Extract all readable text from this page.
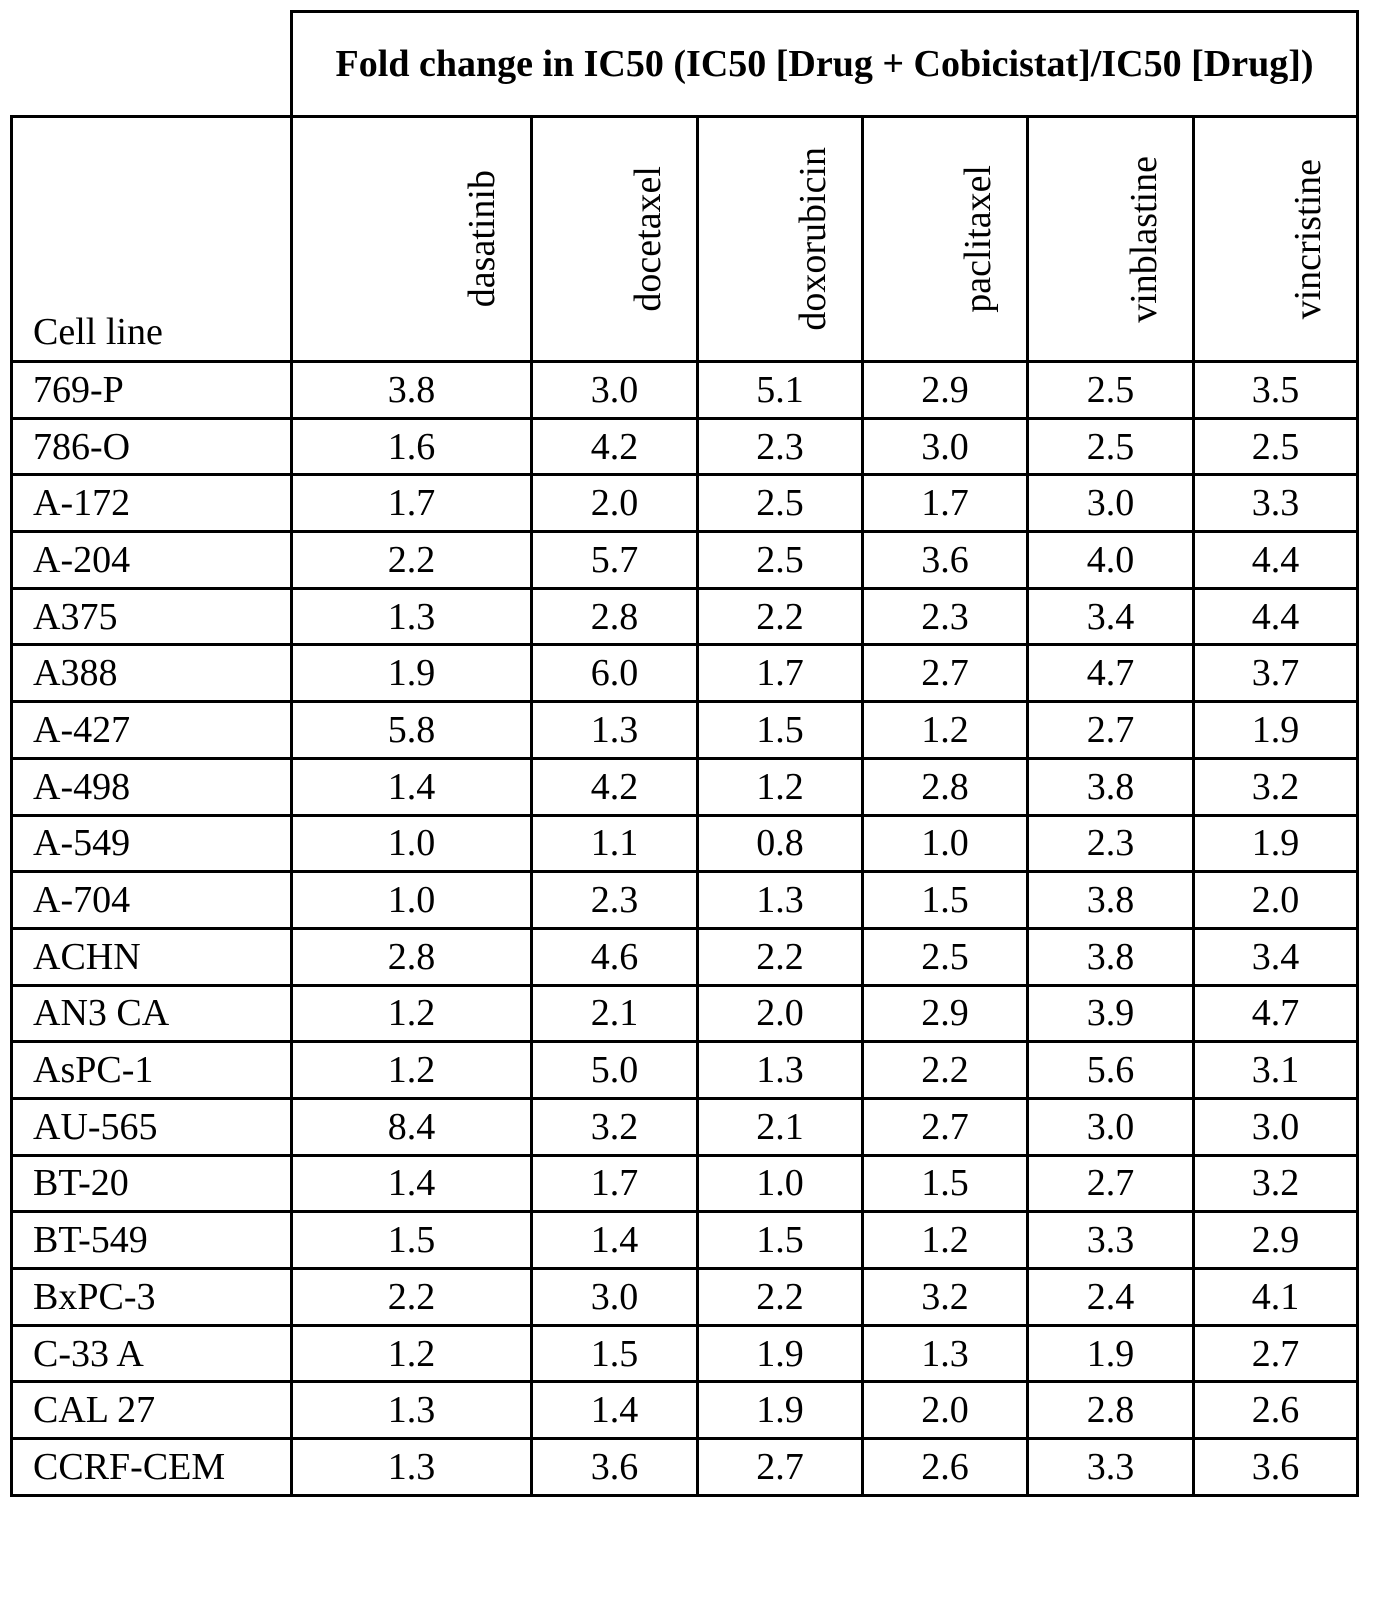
	Fold change in IC50 (IC50 [Drug + Cobicistat]/IC50 [Drug])
Cell line	
dasatinib	docetaxel	doxorubicin	paclitaxel	vinblastine	vincristine

769-P	3.8	3.0	5.1	2.9	2.5	3.5
786-O	1.6	4.2	2.3	3.0	2.5	2.5
A-172	1.7	2.0	2.5	1.7	3.0	3.3
A-204	2.2	5.7	2.5	3.6	4.0	4.4
A375	1.3	2.8	2.2	2.3	3.4	4.4
A388	1.9	6.0	1.7	2.7	4.7	3.7
A-427	5.8	1.3	1.5	1.2	2.7	1.9
A-498	1.4	4.2	1.2	2.8	3.8	3.2
A-549	1.0	1.1	0.8	1.0	2.3	1.9
A-704	1.0	2.3	1.3	1.5	3.8	2.0
ACHN	2.8	4.6	2.2	2.5	3.8	3.4
AN3 CA	1.2	2.1	2.0	2.9	3.9	4.7
AsPC-1	1.2	5.0	1.3	2.2	5.6	3.1
AU-565	8.4	3.2	2.1	2.7	3.0	3.0
BT-20	1.4	1.7	1.0	1.5	2.7	3.2
BT-549	1.5	1.4	1.5	1.2	3.3	2.9
BxPC-3	2.2	3.0	2.2	3.2	2.4	4.1
C-33 A	1.2	1.5	1.9	1.3	1.9	2.7
CAL 27	1.3	1.4	1.9	2.0	2.8	2.6
CCRF-CEM	1.3	3.6	2.7	2.6	3.3	3.6
